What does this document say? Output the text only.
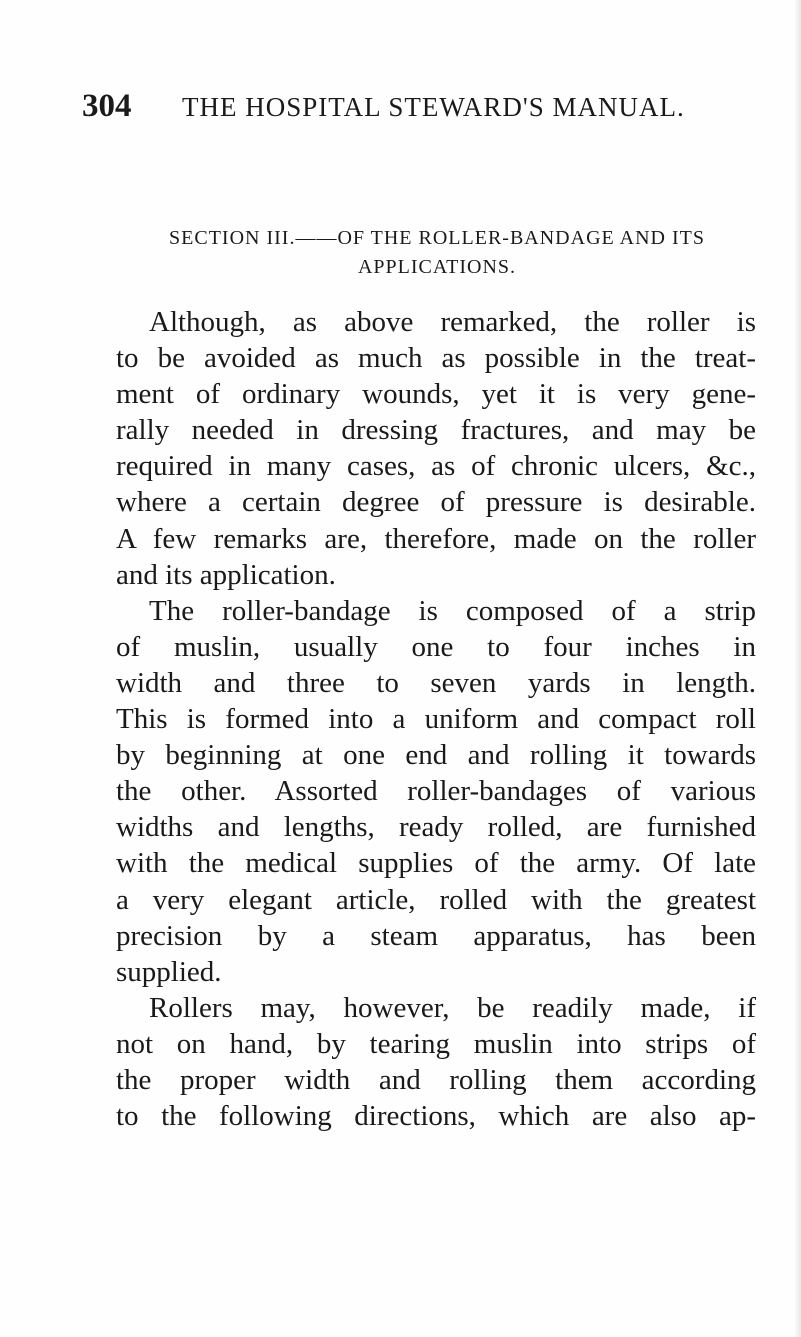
304 THE HOSPITAL STEWARD'S MANUAL.
SECTION III.——OF THE ROLLER-BANDAGE AND ITS
APPLICATIONS.
Although, as above remarked, the roller is
to be avoided as much as possible in the treat-
ment of ordinary wounds, yet it is very gene-
rally needed in dressing fractures, and may be
required in many cases, as of chronic ulcers, &c.,
where a certain degree of pressure is desirable.
A few remarks are, therefore, made on the roller
and its application.
The roller-bandage is composed of a strip
of muslin, usually one to four inches in
width and three to seven yards in length.
This is formed into a uniform and compact roll
by beginning at one end and rolling it towards
the other. Assorted roller-bandages of various
widths and lengths, ready rolled, are furnished
with the medical supplies of the army. Of late
a very elegant article, rolled with the greatest
precision by a steam apparatus, has been
supplied.
Rollers may, however, be readily made, if
not on hand, by tearing muslin into strips of
the proper width and rolling them according
to the following directions, which are also ap-
